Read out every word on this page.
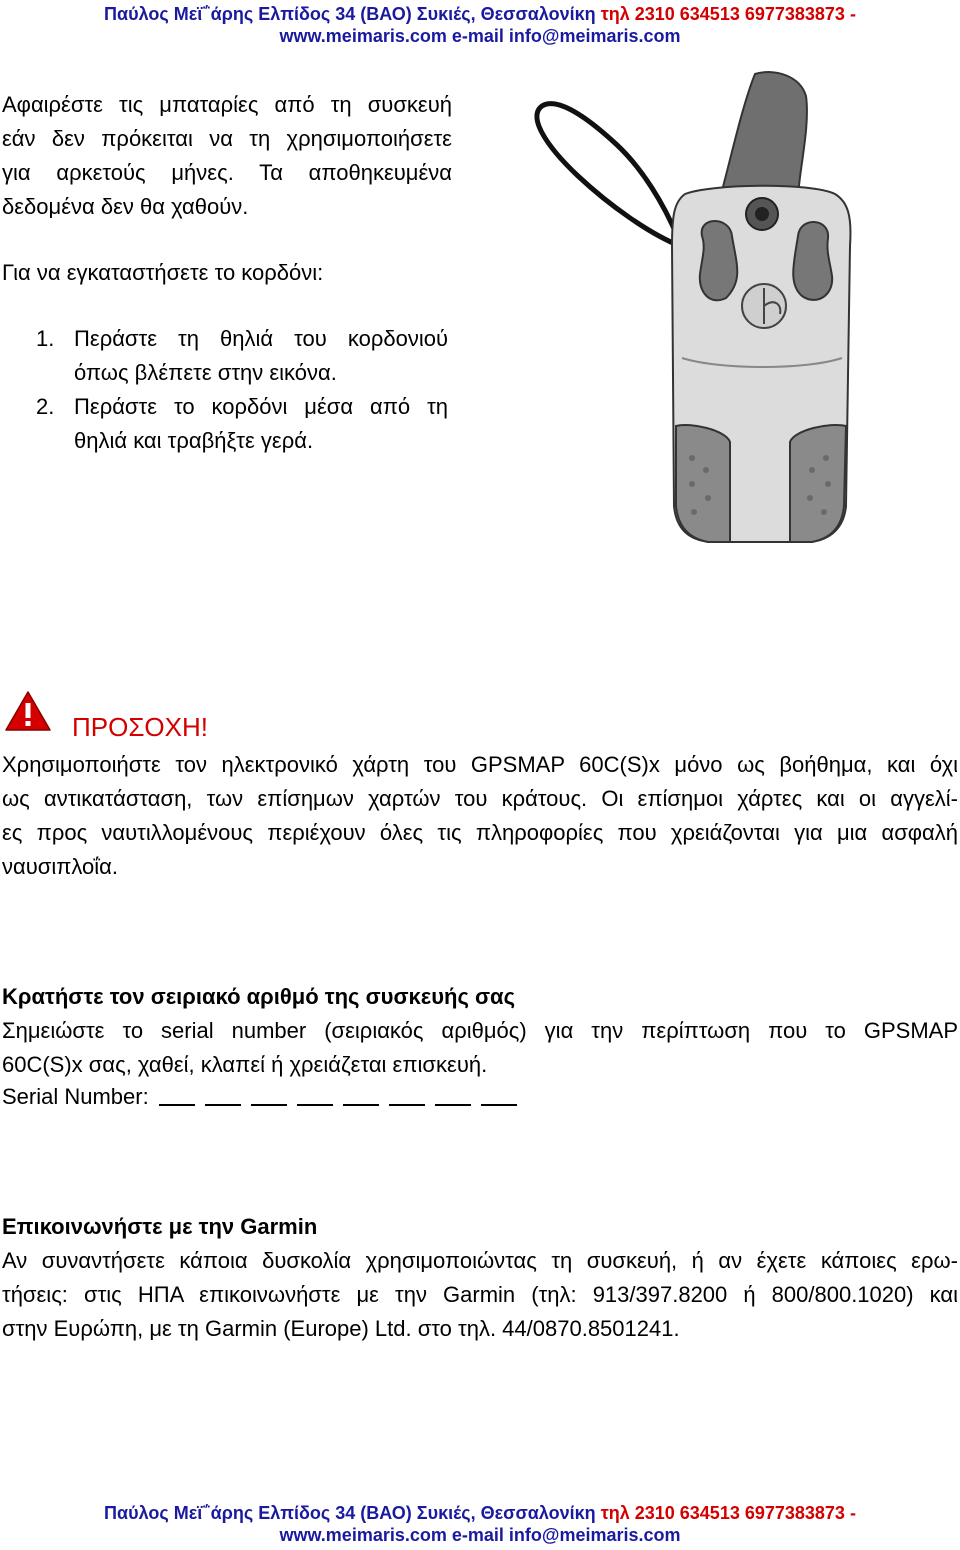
Παύλος Μεϊ΅άρης Ελπίδος 34 (ΒΑΟ) Συκιές, Θεσσαλονίκη τηλ 2310 634513 6977383873 -
www.meimaris.com e-mail info@meimaris.com
Αφαιρέστε τις μπαταρίες από τη συσκευή
εάν δεν πρόκειται να τη χρησιμοποιήσετε
για αρκετούς μήνες. Τα αποθηκευμένα
δεδομένα δεν θα χαθούν.
Για να εγκαταστήσετε το κορδόνι:
1. Περάστε τη θηλιά του κορδονιού
όπως βλέπετε στην εικόνα.
2. Περάστε το κορδόνι μέσα από τη
θηλιά και τραβήξτε γερά.
ΠΡΟΣΟΧΗ!
Χρησιμοποιήστε τον ηλεκτρονικό χάρτη του GPSMAP 60C(S)x μόνο ως βοήθημα, και όχι
ως αντικατάσταση, των επίσημων χαρτών του κράτους. Οι επίσημοι χάρτες και οι αγγελί-
ες προς ναυτιλλομένους περιέχουν όλες τις πληροφορίες που χρειάζονται για μια ασφαλή
ναυσιπλοΐα.
Κρατήστε τον σειριακό αριθμό της συσκευής σας
Σημειώστε το serial number (σειριακός αριθμός) για την περίπτωση που το GPSMAP
60C(S)x σας, χαθεί, κλαπεί ή χρειάζεται επισκευή.
Serial Number:
Επικοινωνήστε με την Garmin
Αν συναντήσετε κάποια δυσκολία χρησιμοποιώντας τη συσκευή, ή αν έχετε κάποιες ερω-
τήσεις: στις ΗΠΑ επικοινωνήστε με την Garmin (τηλ: 913/397.8200 ή 800/800.1020) και
στην Ευρώπη, με τη Garmin (Europe) Ltd. στο τηλ. 44/0870.8501241.
Παύλος Μεϊ΅άρης Ελπίδος 34 (ΒΑΟ) Συκιές, Θεσσαλονίκη τηλ 2310 634513 6977383873 -
www.meimaris.com e-mail info@meimaris.com
